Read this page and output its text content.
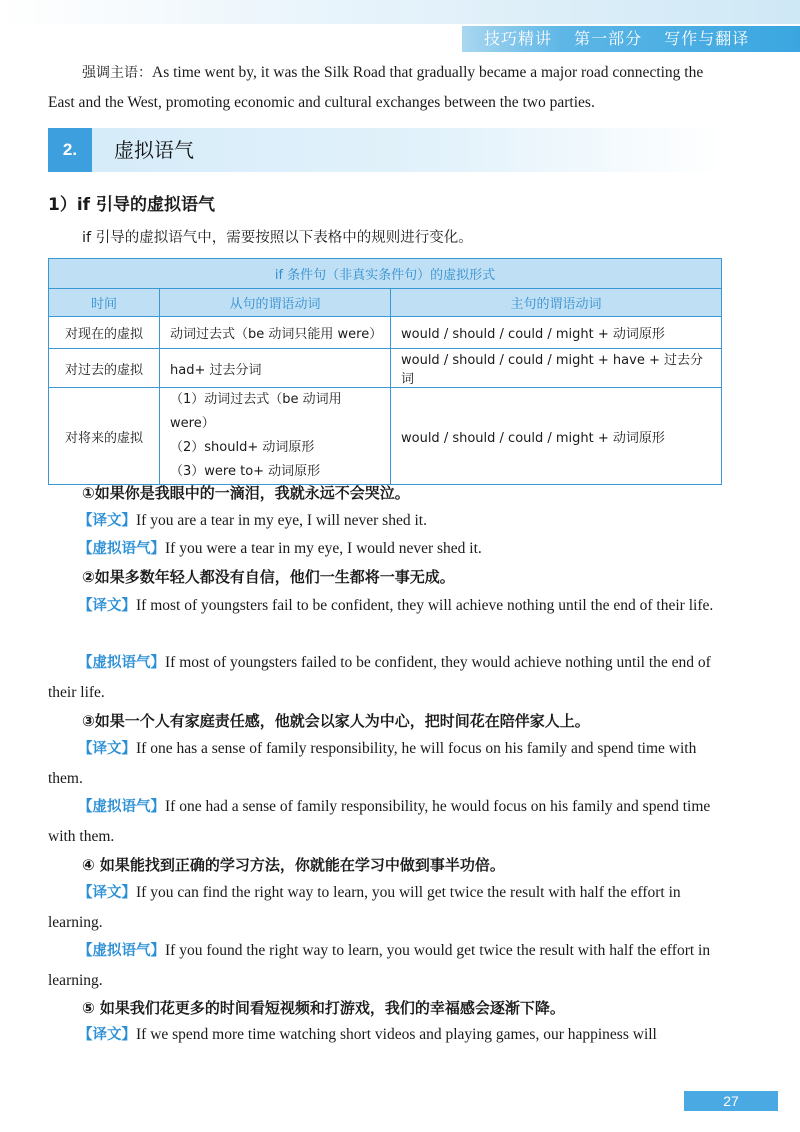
技巧精讲 第一部分 写作与翻译
强调主语：As time went by, it was the Silk Road that gradually became a major road connecting the East and the West, promoting economic and cultural exchanges between the two parties.
2.	虚拟语气
1）if 引导的虚拟语气
if 引导的虚拟语气中，需要按照以下表格中的规则进行变化。
if 条件句（非真实条件句）的虚拟形式		
时间	从句的谓语动词	主句的谓语动词
对现在的虚拟	动词过去式（be 动词只能用 were）	would / should / could / might + 动词原形
对过去的虚拟	had+ 过去分词	would / should / could / might + have + 过去分词
对将来的虚拟	（1）动词过去式（be 动词用 were）
（2）should+ 动词原形
（3）were to+ 动词原形	would / should / could / might + 动词原形
①如果你是我眼中的一滴泪，我就永远不会哭泣。
【译文】If you are a tear in my eye, I will never shed it.
【虚拟语气】If you were a tear in my eye, I would never shed it.
②如果多数年轻人都没有自信，他们一生都将一事无成。
【译文】If most of youngsters fail to be confident, they will achieve nothing until the end of their life.
【虚拟语气】If most of youngsters failed to be confident, they would achieve nothing until the end of their life.
③如果一个人有家庭责任感，他就会以家人为中心，把时间花在陪伴家人上。
【译文】If one has a sense of family responsibility, he will focus on his family and spend time with them.
【虚拟语气】If one had a sense of family responsibility, he would focus on his family and spend time with them.
④ 如果能找到正确的学习方法，你就能在学习中做到事半功倍。
【译文】If you can find the right way to learn, you will get twice the result with half the effort in learning.
【虚拟语气】If you found the right way to learn, you would get twice the result with half the effort in learning.
⑤ 如果我们花更多的时间看短视频和打游戏，我们的幸福感会逐渐下降。
【译文】If we spend more time watching short videos and playing games, our happiness will
27
